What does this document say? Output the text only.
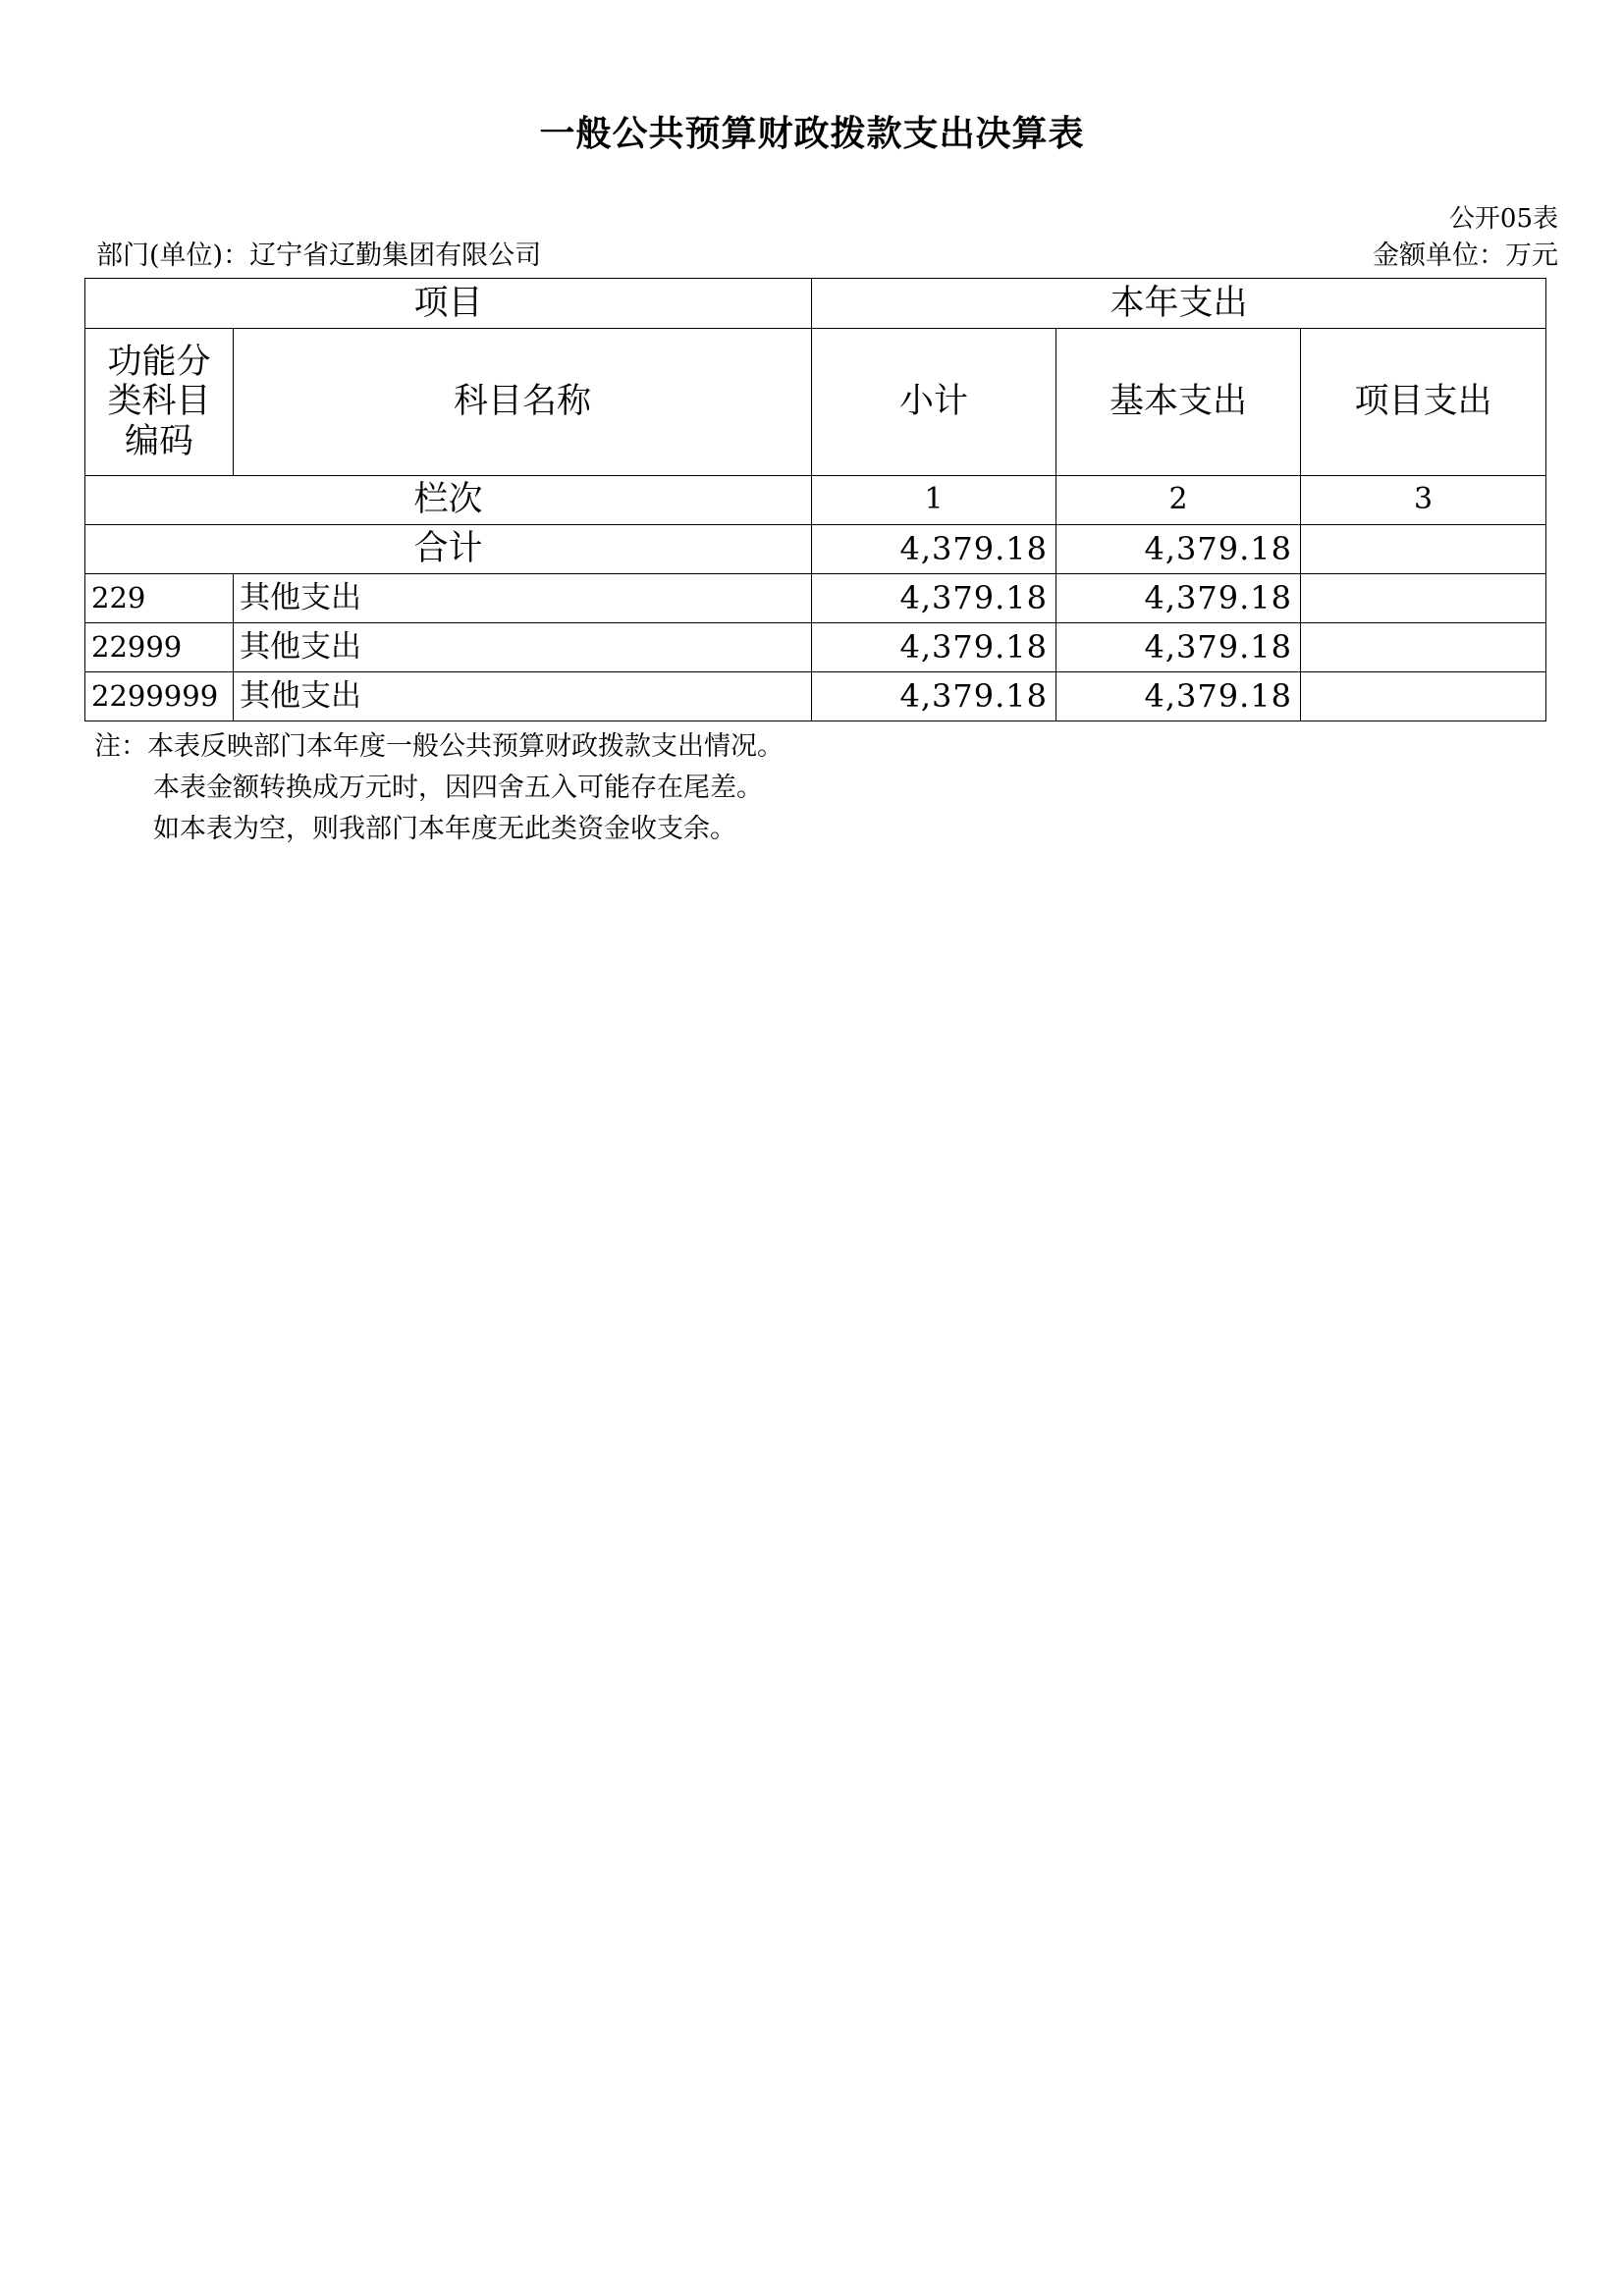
一般公共预算财政拨款支出决算表
公开05表
部门(单位)：辽宁省辽勤集团有限公司	金额单位：万元
项目		本年支出		
功能分类科目编码	科目名称	小计	基本支出	项目支出
栏次		1	2	3
合计		4,379.18	4,379.18	
229	其他支出	4,379.18	4,379.18	
22999	其他支出	4,379.18	4,379.18	
2299999	其他支出	4,379.18	4,379.18	
注：本表反映部门本年度一般公共预算财政拨款支出情况。
本表金额转换成万元时，因四舍五入可能存在尾差。
如本表为空，则我部门本年度无此类资金收支余。
